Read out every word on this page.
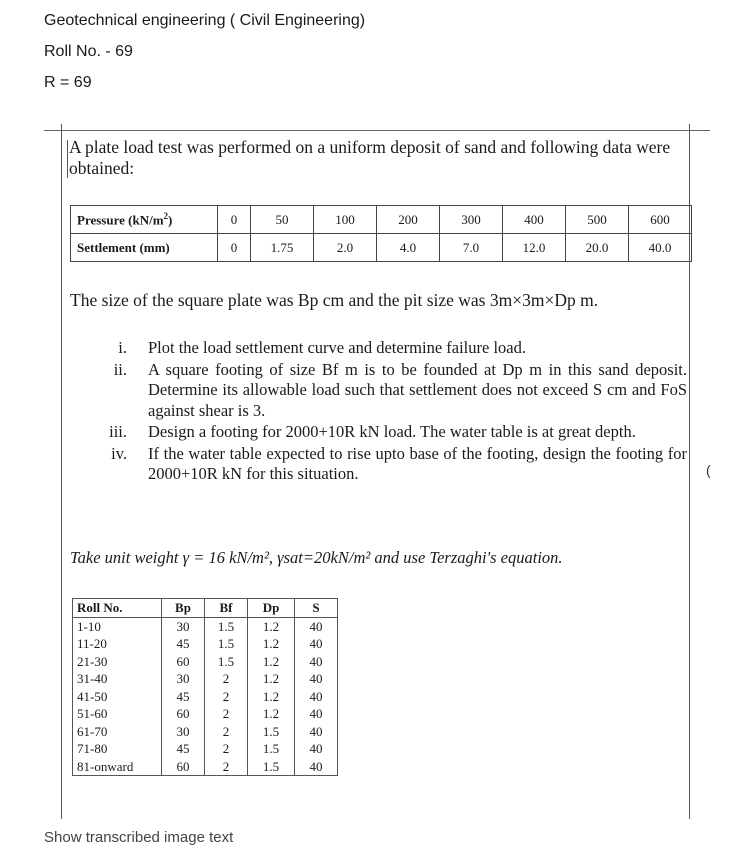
Geotechnical engineering ( Civil Engineering)
Roll No. - 69
R = 69
(
A plate load test was performed on a uniform deposit of sand and following data were obtained:
Pressure $(kN/m^2)$	0	50	100	200	300	400	500	600
Settlement (mm)	0	1.75	2.0	4.0	7.0	12.0	20.0	40.0
The size of the square plate was Bp cm and the pit size was 3m×3m×Dp m.
i. Plot the load settlement curve and determine failure load.
ii. A square footing of size Bf m is to be founded at Dp m in this sand deposit. Determine its allowable load such that settlement does not exceed S cm and FoS against shear is 3.
iii. Design a footing for 2000+10R kN load. The water table is at great depth.
iv. If the water table expected to rise upto base of the footing, design the footing for 2000+10R kN for this situation.
Take unit weight γ = 16 kN/m², γsat=20kN/m² and use Terzaghi's equation.
Roll No.	Bp	Bf	Dp	S
1-10	30	1.5	1.2	40
11-20	45	1.5	1.2	40
21-30	60	1.5	1.2	40
31-40	30	2	1.2	40
41-50	45	2	1.2	40
51-60	60	2	1.2	40
61-70	30	2	1.5	40
71-80	45	2	1.5	40
81-onward	60	2	1.5	40
Show transcribed image text
